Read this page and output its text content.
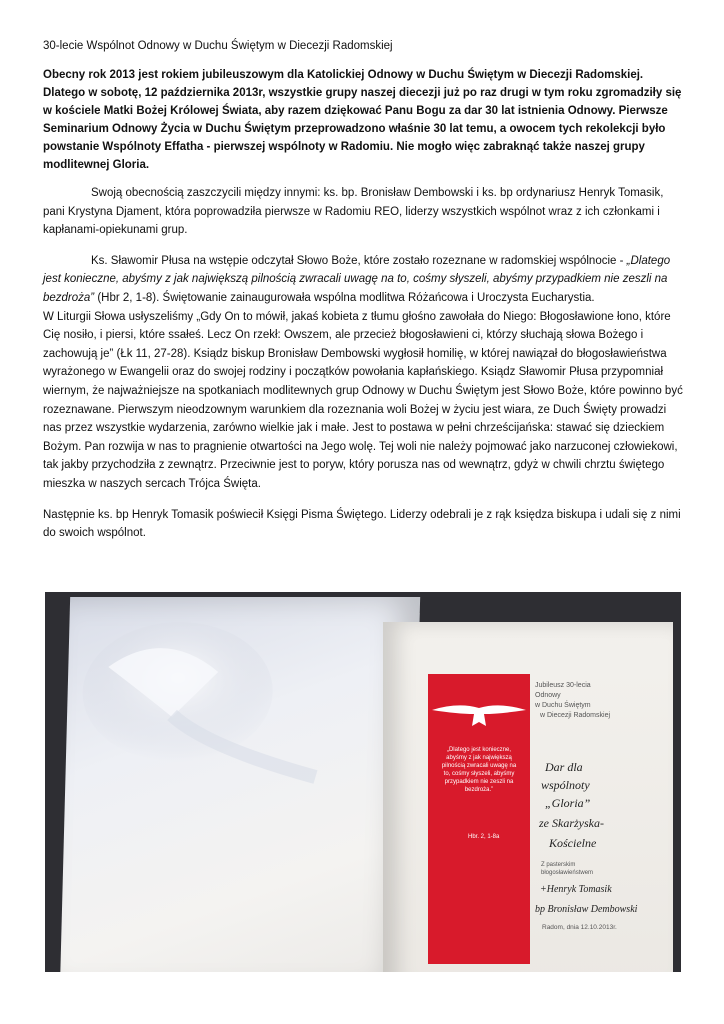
30-lecie Wspólnot Odnowy w Duchu Świętym w Diecezji Radomskiej
Obecny rok 2013 jest rokiem jubileuszowym dla Katolickiej Odnowy w Duchu Świętym w Diecezji Radomskiej. Dlatego w sobotę, 12 października 2013r, wszystkie grupy naszej diecezji już po raz drugi w tym roku zgromadziły się w kościele Matki Bożej Królowej Świata, aby razem dziękować Panu Bogu za dar 30 lat istnienia Odnowy. Pierwsze Seminarium Odnowy Życia w Duchu Świętym przeprowadzono właśnie 30 lat temu, a owocem tych rekolekcji było powstanie Wspólnoty Effatha - pierwszej wspólnoty w Radomiu. Nie mogło więc zabraknąć także naszej grupy modlitewnej Gloria.
Swoją obecnością zaszczycili między innymi: ks. bp. Bronisław Dembowski i ks. bp ordynariusz Henryk Tomasik, pani Krystyna Djament, która poprowadziła pierwsze w Radomiu REO, liderzy wszystkich wspólnot wraz z ich członkami i kapłanami-opiekunami grup.
Ks. Sławomir Płusa na wstępie odczytał Słowo Boże, które zostało rozeznane w radomskiej wspólnocie - „Dlatego jest konieczne, abyśmy z jak największą pilnością zwracali uwagę na to, cośmy słyszeli, abyśmy przypadkiem nie zeszli na bezdroża” (Hbr 2, 1-8). Świętowanie zainaugurowała wspólna modlitwa Różańcowa i Uroczysta Eucharystia.
W Liturgii Słowa usłyszeliśmy „Gdy On to mówił, jakaś kobieta z tłumu głośno zawołała do Niego: Błogosławione łono, które Cię nosiło, i piersi, które ssałeś. Lecz On rzekł: Owszem, ale przecież błogosławieni ci, którzy słuchają słowa Bożego i zachowują je” (Łk 11, 27-28). Ksiądz biskup Bronisław Dembowski wygłosił homilię, w której nawiązał do błogosławieństwa wyrażonego w Ewangelii oraz do swojej rodziny i początków powołania kapłańskiego. Ksiądz Sławomir Płusa przypomniał wiernym, że najważniejsze na spotkaniach modlitewnych grup Odnowy w Duchu Świętym jest Słowo Boże, które powinno być rozeznawane. Pierwszym nieodzownym warunkiem dla rozeznania woli Bożej w życiu jest wiara, ze Duch Święty prowadzi nas przez wszystkie wydarzenia, zarówno wielkie jak i małe. Jest to postawa w pełni chrześcijańska: stawać się dzieckiem Bożym. Pan rozwija w nas to pragnienie otwartości na Jego wolę. Tej woli nie należy pojmować jako narzuconej człowiekowi, tak jakby przychodziła z zewnątrz. Przeciwnie jest to poryw, który porusza nas od wewnątrz, gdyż w chwili chrztu świętego mieszka w naszych sercach Trójca Święta.
Następnie ks. bp Henryk Tomasik poświecił Księgi Pisma Świętego. Liderzy odebrali je z rąk księdza biskupa i udali się z nimi do swoich wspólnot.
„Dlatego jest konieczne, abyśmy z jak największą pilnością zwracali uwagę na to, cośmy słyszeli, abyśmy przypadkiem nie zeszli na bezdroża.”
Hbr. 2, 1-8a
Jubileusz 30-lecia
Odnowy
w Duchu Świętym
w Diecezji Radomskiej
Dar dla
wspólnoty
„Gloria”
ze Skarżyska-
Kościelne
Z pasterskim
błogosławieństwem
+Henryk Tomasik
bp Bronisław Dembowski
Radom, dnia 12.10.2013r.
